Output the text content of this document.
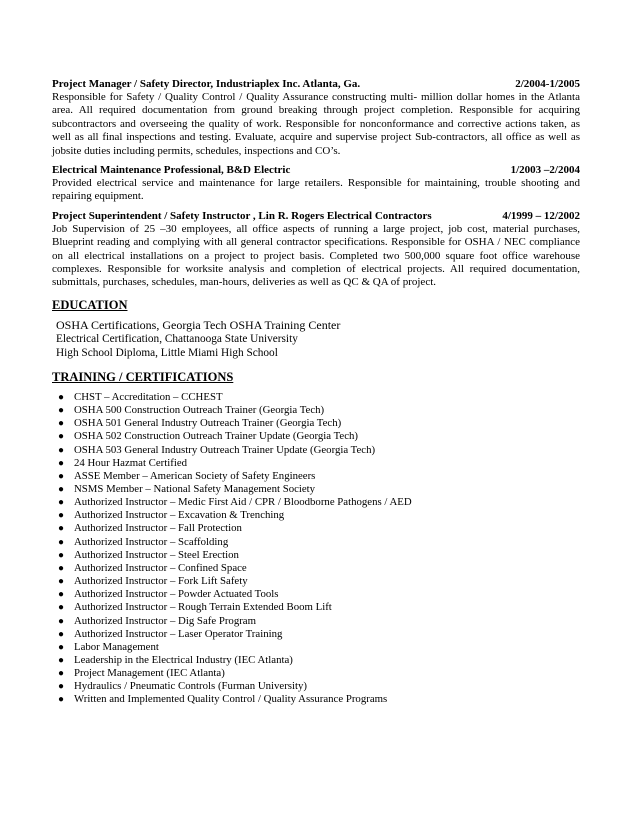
Project Manager / Safety Director, Industriaplex Inc. Atlanta, Ga.	2/2004-1/2005
Responsible for Safety / Quality Control / Quality Assurance constructing multi- million dollar homes in the Atlanta area. All required documentation from ground breaking through project completion. Responsible for acquiring subcontractors and overseeing the quality of work. Responsible for nonconformance and corrective actions taken, as well as all final inspections and testing. Evaluate, acquire and supervise project Sub-contractors, all office as well as jobsite duties including permits, schedules, inspections and CO’s.
Electrical Maintenance Professional, B&D Electric	1/2003 –2/2004
Provided electrical service and maintenance for large retailers. Responsible for maintaining, trouble shooting and repairing equipment.
Project Superintendent / Safety Instructor , Lin R. Rogers Electrical Contractors	4/1999 – 12/2002
Job Supervision of 25 –30 employees, all office aspects of running a large project, job cost, material purchases, Blueprint reading and complying with all general contractor specifications. Responsible for OSHA / NEC compliance on all electrical installations on a project to project basis. Completed two 500,000 square foot office warehouse complexes. Responsible for worksite analysis and completion of electrical projects. All required documentation, submittals, purchases, schedules, man-hours, deliveries as well as QC & QA of project.
EDUCATION
OSHA Certifications, Georgia Tech OSHA Training Center
Electrical Certification, Chattanooga State University
High School Diploma, Little Miami High School
TRAINING / CERTIFICATIONS
● CHST – Accreditation – CCHEST
● OSHA 500 Construction Outreach Trainer (Georgia Tech)
● OSHA 501 General Industry Outreach Trainer (Georgia Tech)
● OSHA 502 Construction Outreach Trainer Update (Georgia Tech)
● OSHA 503 General Industry Outreach Trainer Update (Georgia Tech)
● 24 Hour Hazmat Certified
● ASSE Member – American Society of Safety Engineers
● NSMS Member – National Safety Management Society
● Authorized Instructor – Medic First Aid / CPR / Bloodborne Pathogens / AED
● Authorized Instructor – Excavation & Trenching
● Authorized Instructor – Fall Protection
● Authorized Instructor – Scaffolding
● Authorized Instructor – Steel Erection
● Authorized Instructor – Confined Space
● Authorized Instructor – Fork Lift Safety
● Authorized Instructor – Powder Actuated Tools
● Authorized Instructor – Rough Terrain Extended Boom Lift
● Authorized Instructor – Dig Safe Program
● Authorized Instructor – Laser Operator Training
● Labor Management
● Leadership in the Electrical Industry (IEC Atlanta)
● Project Management (IEC Atlanta)
● Hydraulics / Pneumatic Controls (Furman University)
● Written and Implemented Quality Control / Quality Assurance Programs
